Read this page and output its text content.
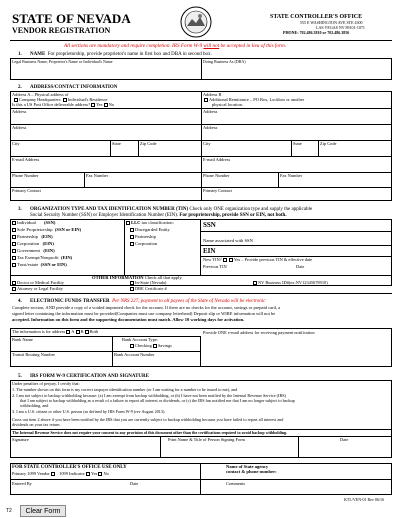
STATE OF NEVADA
VENDOR REGISTRATION
STATE CONTROLLER'S OFFICE
555 E WASHINGTON AVE STE 4300
LAS VEGAS NV 89101-1071
PHONE: 702.486.3810 or 702.486.3856
All sections are mandatory and require completion. IRS Form W-9 will not be accepted in lieu of this form.
1. NAME For proprietorship, provide proprietor's name in first box and DBA in second box.
Legal Business Name, Proprietor's Name or Individual's Name	Doing Business As (DBA)
2. ADDRESS/CONTACT INFORMATION
Address A – Physical address of
Company Headquarters Individual's Residence
Is this a US Post Office deliverable address? Yes No
Address B
Additional Remittance – PO Box, Lockbox or another
physical location.
Address
Address
City	State	Zip Code
E-mail Address
Phone Number	Fax Number
Primary Contact
Address
Address
City	State	Zip Code
E-mail Address
Phone Number	Fax Number
Primary Contact
3. ORGANIZATION TYPE AND TAX IDENTIFICATION NUMBER (TIN) Check only ONE organization type and supply the applicable
Social Security Number (SSN) or Employer Identification Number (EIN). For proprietorship, provide SSN or EIN, not both.
Individual (SSN)
Sole Proprietorship (SSN or EIN)
Partnership (EIN)
Corporation (EIN)
Government (EIN)
Tax Exempt/Nonprofit (EIN)
Trust/estate (SSN or EIN)
LLC tax classification:
Disregarded Entity
Partnership
Corporation
SSN
Name associated with SSN
EIN
New TIN?	Yes – Provide previous TIN & effective date
Previous TIN	Date
OTHER INFORMATION Check all that apply.
Doctor or Medical Facility
Attorney or Legal Facility
In-State (Nevada)
DBE Certificate #
NV Business ID#(ex:NV12345678910)
4. ELECTRONIC FUNDS TRANSFER Per NRS 227, payment to all payees of the State of Nevada will be electronic
Complete section, AND provide a copy of a voided imprinted check for the account. If there are no checks for the account, savings or prepaid card, a
signed letter containing the information must be provided(Companies must use company letterhead) Deposit slip or WIRE information will not be
accepted. Information on this form and the supporting documentation must match. Allow 10 working days for activation.
The information is for address A B Both
Bank Name	Bank Account Type:
Checking Savings
Provide ONE e-mail address for receiving payment notification
Transit Routing Number	Bank Account Number
5. IRS FORM W-9 CERTIFICATION AND SIGNATURE
Under penalties of perjury, I certify that:
1. The number shown on this form is my correct taxpayer identification number (or I am waiting for a number to be issued to me), and
2. I am not subject to backup withholding because: (a) I am exempt from backup withholding, or (b) I have not been notified by the Internal Revenue Service (IRS)
that I am subject to backup withholding as a result of a failure to report all interest or dividends, or (c) the IRS has notified me that I am no longer subject to backup
withholding, and
3. I am a U.S. citizen or other U.S. person (as defined by IRS Form W-9 (rev August 2013).
Cross out item 2 above if you have been notified by the IRS that you are currently subject to backup withholding because you have failed to report all interest and
dividends on your tax return.
The Internal Revenue Service does not require your consent to any provision of this document other than the certifications required to avoid backup withholding.
Signature	Print Name & Title of Person Signing Form	Date
FOR STATE CONTROLLER'S OFFICE USE ONLY
Primary 1099 Vendor 1099 Indicator Yes No
Entered By	Date
Name of State agency
contact & phone number:
Comments
KTL/VEN-01 Rev 06/16
T2	Clear Form
